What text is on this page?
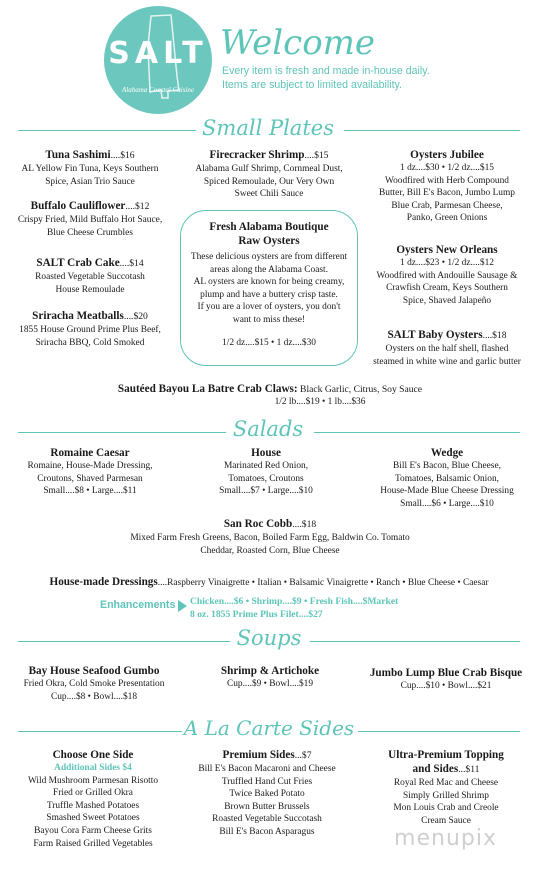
SALT
Alabama Coastal Cuisine
Welcome
Every item is fresh and made in-house daily.
Items are subject to limited availability.
Small Plates
Tuna Sashimi....$16
AL Yellow Fin Tuna, Keys Southern
Spice, Asian Trio Sauce
Buffalo Cauliflower....$12
Crispy Fried, Mild Buffalo Hot Sauce,
Blue Cheese Crumbles
SALT Crab Cake....$14
Roasted Vegetable Succotash
House Remoulade
Sriracha Meatballs....$20
1855 House Ground Prime Plus Beef,
Sriracha BBQ, Cold Smoked
Firecracker Shrimp....$15
Alabama Gulf Shrimp, Cornmeal Dust,
Spiced Remoulade, Our Very Own
Sweet Chili Sauce
Fresh Alabama Boutique
Raw Oysters
These delicious oysters are from different
areas along the Alabama Coast.
AL oysters are known for being creamy,
plump and have a buttery crisp taste.
If you are a lover of oysters, you don't
want to miss these!
1/2 dz....$15 • 1 dz....$30
Oysters Jubilee
1 dz....$30 • 1/2 dz....$15
Woodfired with Herb Compound
Butter, Bill E's Bacon, Jumbo Lump
Blue Crab, Parmesan Cheese,
Panko, Green Onions
Oysters New Orleans
1 dz....$23 • 1/2 dz....$12
Woodfired with Andouille Sausage &
Crawfish Cream, Keys Southern
Spice, Shaved Jalapeño
SALT Baby Oysters....$18
Oysters on the half shell, flashed
steamed in white wine and garlic butter
Sautéed Bayou La Batre Crab Claws: Black Garlic, Citrus, Soy Sauce
1/2 lb....$19 • 1 lb....$36
Salads
Romaine Caesar
Romaine, House-Made Dressing,
Croutons, Shaved Parmesan
Small....$8 • Large....$11
House
Marinated Red Onion,
Tomatoes, Croutons
Small....$7 • Large....$10
Wedge
Bill E's Bacon, Blue Cheese,
Tomatoes, Balsamic Onion,
House-Made Blue Cheese Dressing
Small....$6 • Large....$10
San Roc Cobb....$18
Mixed Farm Fresh Greens, Bacon, Boiled Farm Egg, Baldwin Co. Tomato
Cheddar, Roasted Corn, Blue Cheese
House-made Dressings....Raspberry Vinaigrette • Italian • Balsamic Vinaigrette • Ranch • Blue Cheese • Caesar
Enhancements Chicken....$6 • Shrimp....$9 • Fresh Fish....$Market
8 oz. 1855 Prime Plus Filet....$27
Soups
Bay House Seafood Gumbo
Fried Okra, Cold Smoke Presentation
Cup....$8 • Bowl....$18
Shrimp & Artichoke
Cup....$9 • Bowl....$19
Jumbo Lump Blue Crab Bisque
Cup....$10 • Bowl....$21
A La Carte Sides
Choose One Side
Additional Sides $4
Wild Mushroom Parmesan Risotto
Fried or Grilled Okra
Truffle Mashed Potatoes
Smashed Sweet Potatoes
Bayou Cora Farm Cheese Grits
Farm Raised Grilled Vegetables
Premium Sides...$7
Bill E's Bacon Macaroni and Cheese
Truffled Hand Cut Fries
Twice Baked Potato
Brown Butter Brussels
Roasted Vegetable Succotash
Bill E's Bacon Asparagus
Ultra-Premium Topping
and Sides...$11
Royal Red Mac and Cheese
Simply Grilled Shrimp
Mon Louis Crab and Creole
Cream Sauce
menupix
